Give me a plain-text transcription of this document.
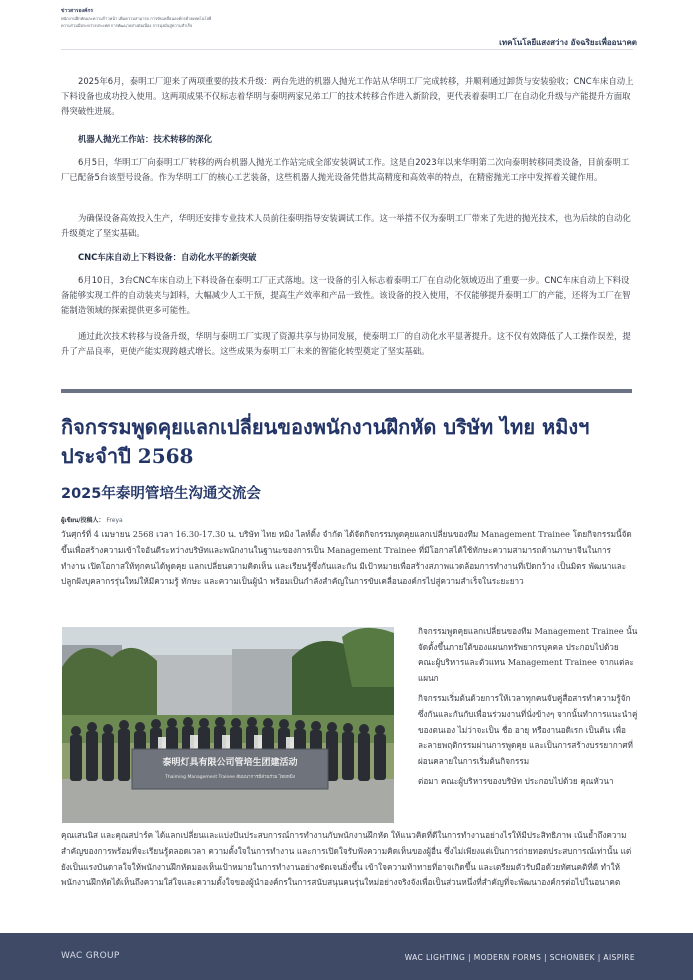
ข่าวสารองค์กร
พนักงานฝึกหัดและความก้าวหน้า เพิ่มความสามารถ การขับเคลื่อนองค์กรด้วยเทคโนโลยี
ความร่วมมือระหว่างประเทศ การพัฒนาอย่างต่อเนื่อง การมุ่งมั่นสู่ความสำเร็จ
เทคโนโลยีแสงสว่าง อัจฉริยะเพื่ออนาคต

2025年6月，泰明工厂迎来了两项重要的技术升级：两台先进的机器人抛光工作站从华明工厂完成转移，并顺利通过卸货与安装验收；CNC车床自动上下料设备也成功投入使用。这两项成果不仅标志着华明与泰明两家兄弟工厂的技术转移合作进入新阶段，更代表着泰明工厂在自动化升级与产能提升方面取得突破性进展。

机器人抛光工作站：技术转移的深化

6月5日，华明工厂向泰明工厂转移的两台机器人抛光工作站完成全部安装调试工作。这是自2023年以来华明第二次向泰明转移同类设备，目前泰明工厂已配备5台该型号设备。作为华明工厂的核心工艺装备，这些机器人抛光设备凭借其高精度和高效率的特点，在精密抛光工序中发挥着关键作用。

为确保设备高效投入生产，华明还安排专业技术人员前往泰明指导安装调试工作。这一举措不仅为泰明工厂带来了先进的抛光技术，也为后续的自动化升级奠定了坚实基础。

CNC车床自动上下料设备：自动化水平的新突破

6月10日，3台CNC车床自动上下料设备在泰明工厂正式落地。这一设备的引入标志着泰明工厂在自动化领域迈出了重要一步。CNC车床自动上下料设备能够实现工件的自动装夹与卸料，大幅减少人工干预，提高生产效率和产品一致性。该设备的投入使用，不仅能够提升泰明工厂的产能，还将为工厂在智能制造领域的探索提供更多可能性。

通过此次技术转移与设备升级，华明与泰明工厂实现了资源共享与协同发展，使泰明工厂的自动化水平显著提升。这不仅有效降低了人工操作误差，提升了产品良率，更使产能实现跨越式增长。这些成果为泰明工厂未来的智能化转型奠定了坚实基础。

กิจกรรมพูดคุยแลกเปลี่ยนของพนักงานฝึกหัด บริษัท ไทย หมิงฯ ประจำปี 2568
2025年泰明管培生沟通交流会
ผู้เขียน/投稿人： Freya

วันศุกร์ที่ 4 เมษายน 2568 เวลา 16.30-17.30 น. บริษัท ไทย หมิง ไลท์ติ้ง จำกัด ได้จัดกิจกรรมพูดคุยแลกเปลี่ยนของทีม Management Trainee โดยกิจกรรมนี้จัดขึ้นเพื่อสร้างความเข้าใจอันดีระหว่างบริษัทและพนักงานในฐานะของการเป็น Management Trainee ที่มีโอกาสได้ใช้ทักษะความสามารถด้านภาษาจีนในการทำงาน เปิดโอกาสให้ทุกคนได้พูดคุย แลกเปลี่ยนความคิดเห็น และเรียนรู้ซึ่งกันและกัน มีเป้าหมายเพื่อสร้างสภาพแวดล้อมการทำงานที่เปิดกว้าง เป็นมิตร พัฒนาและปลูกฝังบุคลากรรุ่นใหม่ให้มีความรู้ ทักษะ และความเป็นผู้นำ พร้อมเป็นกำลังสำคัญในการขับเคลื่อนองค์กรไปสู่ความสำเร็จในระยะยาว

泰明灯具有限公司管培生团建活动
Thaiming Management Trainee สัมมนาการมีส่วนร่วม ไทยหมิง

กิจกรรมพูดคุยแลกเปลี่ยนของทีม Management Trainee นั้นจัดตั้งขึ้นภายใต้ของแผนกทรัพยากรบุคคล ประกอบไปด้วย คณะผู้บริหารและตัวแทน Management Trainee จากแต่ละแผนก

กิจกรรมเริ่มต้นด้วยการให้เวลาทุกคนจับคู่สื่อสารทำความรู้จักซึ่งกันและกันกับเพื่อนร่วมงานที่นั่งข้างๆ จากนั้นทำการแนะนำคู่ของตนเอง ไม่ว่าจะเป็น ชื่อ อายุ หรืองานอดิเรก เป็นต้น เพื่อละลายพฤติกรรมผ่านการพูดคุย และเป็นการสร้างบรรยากาศที่ผ่อนคลายในการเริ่มต้นกิจกรรม

ต่อมา คณะผู้บริหารของบริษัท ประกอบไปด้วย คุณหัวนา

คุณเสนนิส และคุณสปาร์ค ได้แลกเปลี่ยนและแบ่งปันประสบการณ์การทำงานกับพนักงานฝึกหัด ให้แนวคิดที่ดีในการทำงานอย่างไรให้มีประสิทธิภาพ เน้นย้ำถึงความสำคัญของการพร้อมที่จะเรียนรู้ตลอดเวลา ความตั้งใจในการทำงาน และการเปิดใจรับฟังความคิดเห็นของผู้อื่น ซึ่งไม่เพียงแต่เป็นการถ่ายทอดประสบการณ์เท่านั้น แต่ยังเป็นแรงบันดาลใจให้พนักงานฝึกหัดมองเห็นเป้าหมายในการทำงานอย่างชัดเจนยิ่งขึ้น เข้าใจความท้าทายที่อาจเกิดขึ้น และเตรียมตัวรับมือด้วยทัศนคติที่ดี ทำให้พนักงานฝึกหัดได้เห็นถึงความใส่ใจและความตั้งใจของผู้นำองค์กรในการสนับสนุนคนรุ่นใหม่อย่างจริงจังเพื่อเป็นส่วนหนึ่งที่สำคัญที่จะพัฒนาองค์กรต่อไปในอนาคต

WAC GROUP	WAC LIGHTING | MODERN FORMS | SCHONBEK | AISPIRE
